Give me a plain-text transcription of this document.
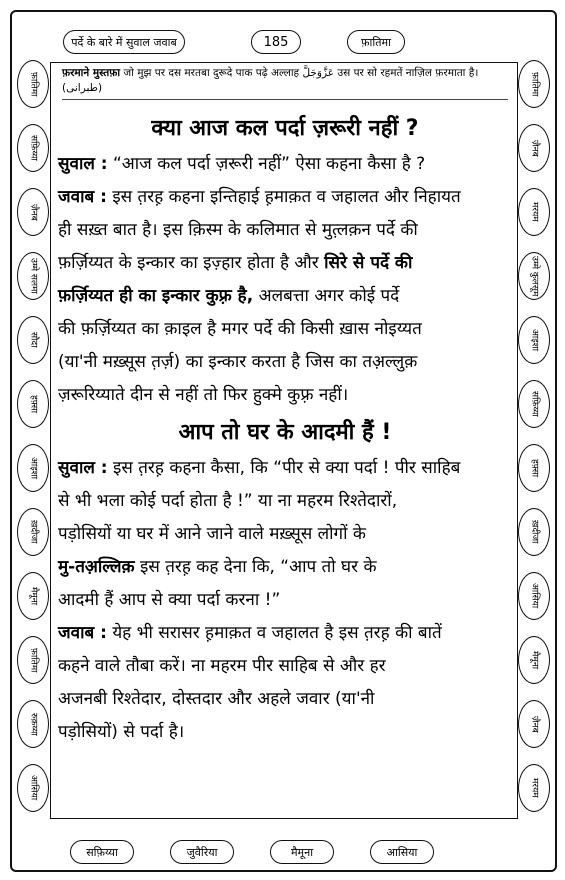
पर्दे के बारे में सुवाल जवाब	185	फ़ातिमा
फ़ातिमा
सफ़िय्या
ज़ैनब
उम्मे सलमा
सौदा
हफ़्सा
आइशा
ख़दीजा
मैमूना
फ़ातिमा
रुक़य्या
आसिया
फ़ातिमा
ज़ैनब
मरयम
उम्मे कुलसूम
आइशा
सफ़िय्या
हफ़्सा
ख़दीजा
आसिया
मैमूना
ज़ैनब
मरयम
फ़रमाने मुस्तफ़ा जो मुझ पर दस मरतबा दुरूदे पाक पढ़े अल्लाह عَزَّوَجَلَّ उस पर सो रहमतें नाज़िल फ़रमाता है। (طبرانی)
क्या आज कल पर्दा ज़रूरी नहीं ?

सुवाल : “आज कल पर्दा ज़रूरी नहीं” ऐसा कहना कैसा है ?

जवाब : इस त़रह़ कहना इन्तिहाई ह़माक़त व जहालत और निहायत
ही सख़्त बात है। इस क़िस्म के कलिमात से मुत़्लक़न पर्दे की
फ़र्ज़िय्यत के इन्कार का इज़्हार होता है और सिरे से पर्दे की
फ़र्ज़िय्यत ही का इन्कार कुफ़्र है, अलबत्ता अगर कोई पर्दे
की फ़र्ज़िय्यत का क़ाइल है मगर पर्दे की किसी ख़ास नोइय्यत
(या'नी मख़्सूस त़र्ज़) का इन्कार करता है जिस का तअ़ल्लुक़
ज़रूरिय्याते दीन से नहीं तो फिर हुक्मे कुफ़्र नहीं।

आप तो घर के आदमी हैं !

सुवाल : इस त़रह़ कहना कैसा, कि “पीर से क्या पर्दा ! पीर साहिब
से भी भला कोई पर्दा होता है !” या ना महरम रिश्तेदारों,
पड़ोसियों या घर में आने जाने वाले मख़्सूस लोगों के
मु-तअ़ल्लिक़ इस त़रह़ कह देना कि, “आप तो घर के
आदमी हैं आप से क्या पर्दा करना !”

जवाब : येह भी सरासर ह़माक़त व जहालत है इस त़रह़ की बातें
कहने वाले तौबा करें। ना महरम पीर साहिब से और हर
अजनबी रिश्तेदार, दोस्तदार और अहले जवार (या'नी
पड़ोसियों) से पर्दा है।

सफ़िय्या	जुवैरिया	मैमूना	आसिया
